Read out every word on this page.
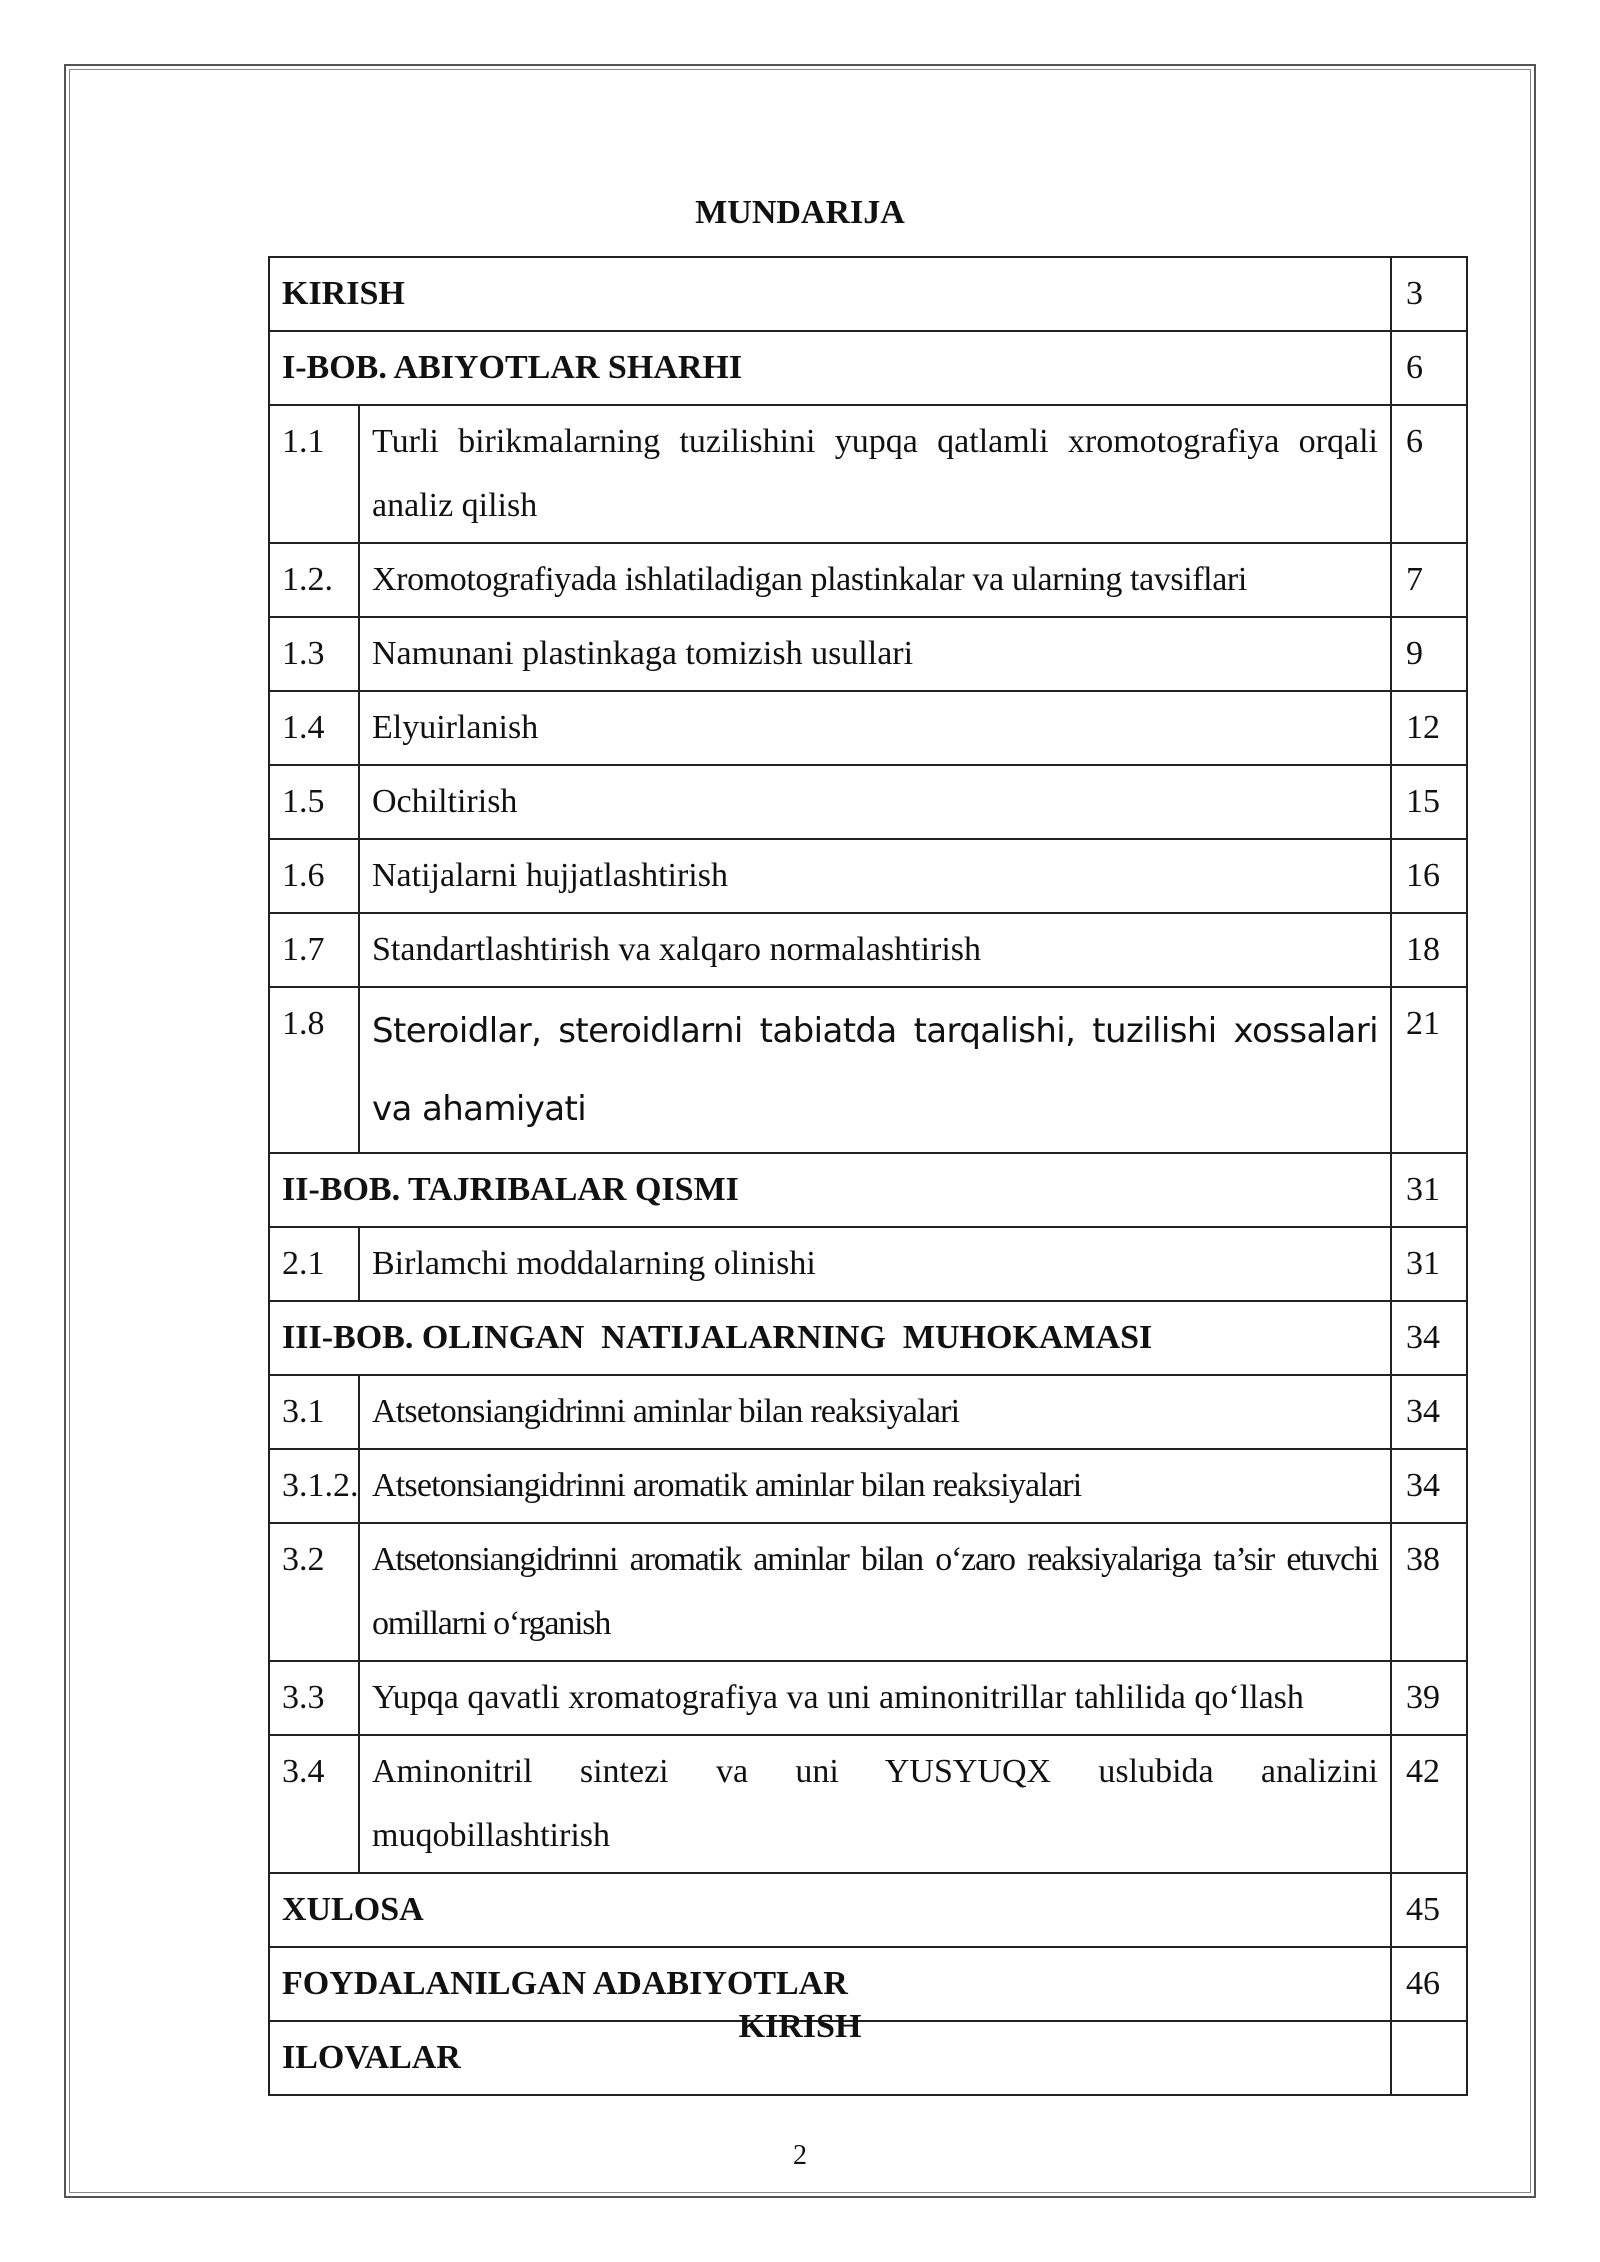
MUNDARIJA
KIRISH		3
I-BOB. ABIYOTLAR SHARHI		6
1.1	Turli birikmalarning tuzilishini yupqa qatlamli xromotografiya orqali analiz qilish	6
1.2.	Xromotografiyada ishlatiladigan plastinkalar va ularning tavsiflari	7
1.3	Namunani plastinkaga tomizish usullari	9
1.4	Elyuirlanish	12
1.5	Ochiltirish	15
1.6	Natijalarni hujjatlashtirish	16
1.7	Standartlashtirish va xalqaro normalashtirish	18
1.8	Steroidlar, steroidlarni tabiatda tarqalishi, tuzilishi xossalari va ahamiyati	21
II-BOB. TAJRIBALAR QISMI		31
2.1	Birlamchi moddalarning olinishi	31
III-BOB. OLINGAN  NATIJALARNING  MUHOKAMASI		34
3.1	Atsetonsiangidrinni aminlar bilan reaksiyalari	34
3.1.2.	Atsetonsiangidrinni aromatik aminlar bilan reaksiyalari	34
3.2	Atsetonsiangidrinni aromatik aminlar bilan o‘zaro reaksiyalariga ta’sir etuvchi omillarni o‘rganish	38
3.3	Yupqa qavatli xromatografiya va uni aminonitrillar tahlilida qo‘llash	39
3.4	Aminonitril sintezi va uni YUSYUQX uslubida analizini muqobillashtirish	42
XULOSA		45
FOYDALANILGAN ADABIYOTLAR		46
ILOVALAR		
KIRISH
2
